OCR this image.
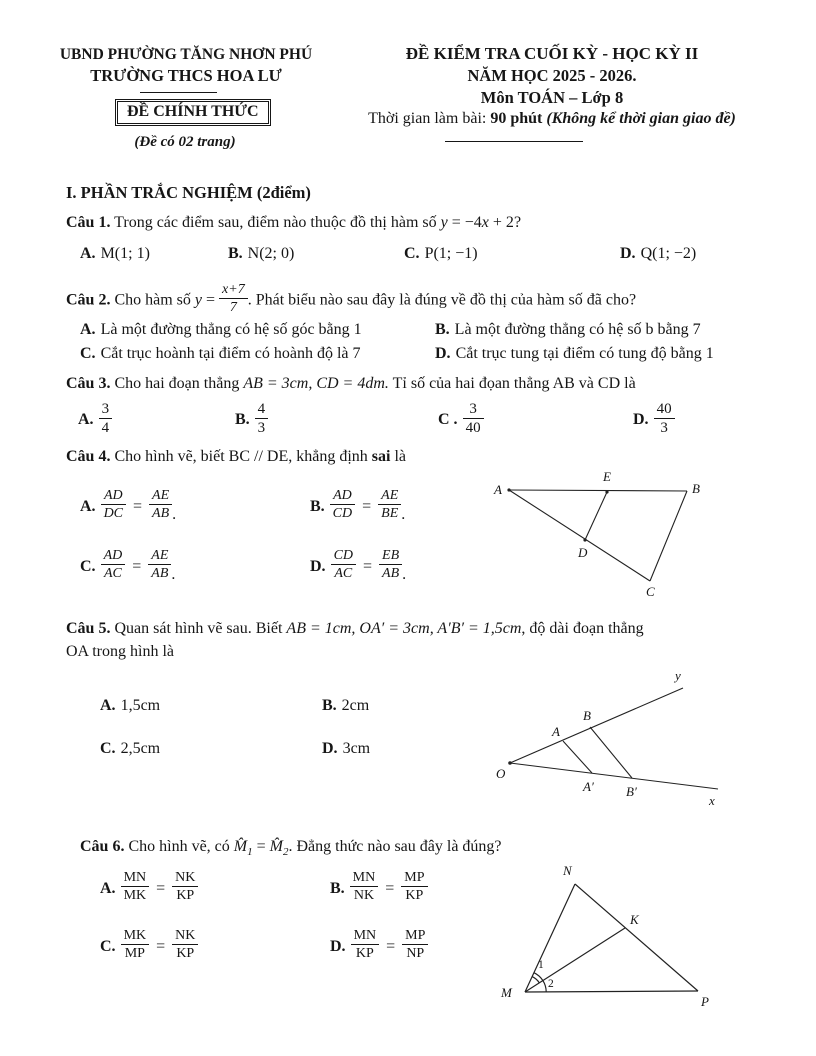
UBND PHƯỜNG TĂNG NHƠN PHÚ
TRƯỜNG THCS HOA LƯ
ĐỀ CHÍNH THỨC
(Đề có 02 trang)
ĐỀ KIỂM TRA CUỐI KỲ - HỌC KỲ II
NĂM HỌC 2025 - 2026.
Môn TOÁN – Lớp 8
Thời gian làm bài: 90 phút (Không kể thời gian giao đề)
I. PHẦN TRẮC NGHIỆM (2điểm)
Câu 1. Trong các điểm sau, điểm nào thuộc đồ thị hàm số y = −4x + 2?
A. M(1; 1)	B. N(2; 0)	C. P(1; −1)	D. Q(1; −2)
Câu 2. Cho hàm số $y = \frac{x+7}{7}$ . Phát biểu nào sau đây là đúng về đồ thị của hàm số đã cho?
A. Là một đường thẳng có hệ số góc bằng 1	B. Là một đường thẳng có hệ số b bằng 7
C. Cắt trục hoành tại điểm có hoành độ là 7	D. Cắt trục tung tại điểm có tung độ bằng 1
Câu 3. Cho hai đoạn thẳng AB = 3cm, CD = 4dm. Tỉ số của hai đọan thẳng AB và CD là
A. $\frac{3}{4}$	B. $\frac{4}{3}$	C . $\frac{3}{40}$	D. $\frac{40}{3}$
Câu 4. Cho hình vẽ, biết BC // DE, khẳng định sai là
A. $\frac{AD}{DC} = \frac{AE}{AB}$ .
B. $\frac{AD}{CD} = \frac{AE}{BE}$ .
C. $\frac{AD}{AC} = \frac{AE}{AB}$ .
D. $\frac{CD}{AC} = \frac{EB}{AB}$ .
A
E
B
D
C
Câu 5. Quan sát hình vẽ sau. Biết AB = 1cm, OA′ = 3cm, A′B′ = 1,5cm, độ dài đoạn thẳng
OA trong hình là
A. 1,5cm	B. 2cm
C. 2,5cm	D. 3cm
O
y
x
A
B
A′ B′
Câu 6. Cho hình vẽ, có $M̂_1$ = $M̂_2$. Đẳng thức nào sau đây là đúng?
A. $\frac{MN}{MK} = \frac{NK}{KP}$	B. $\frac{MN}{NK} = \frac{MP}{KP}$
C. $\frac{MK}{MP} = \frac{NK}{KP}$	D. $\frac{MN}{KP} = \frac{MP}{NP}$
M
N
K
P
1
2
